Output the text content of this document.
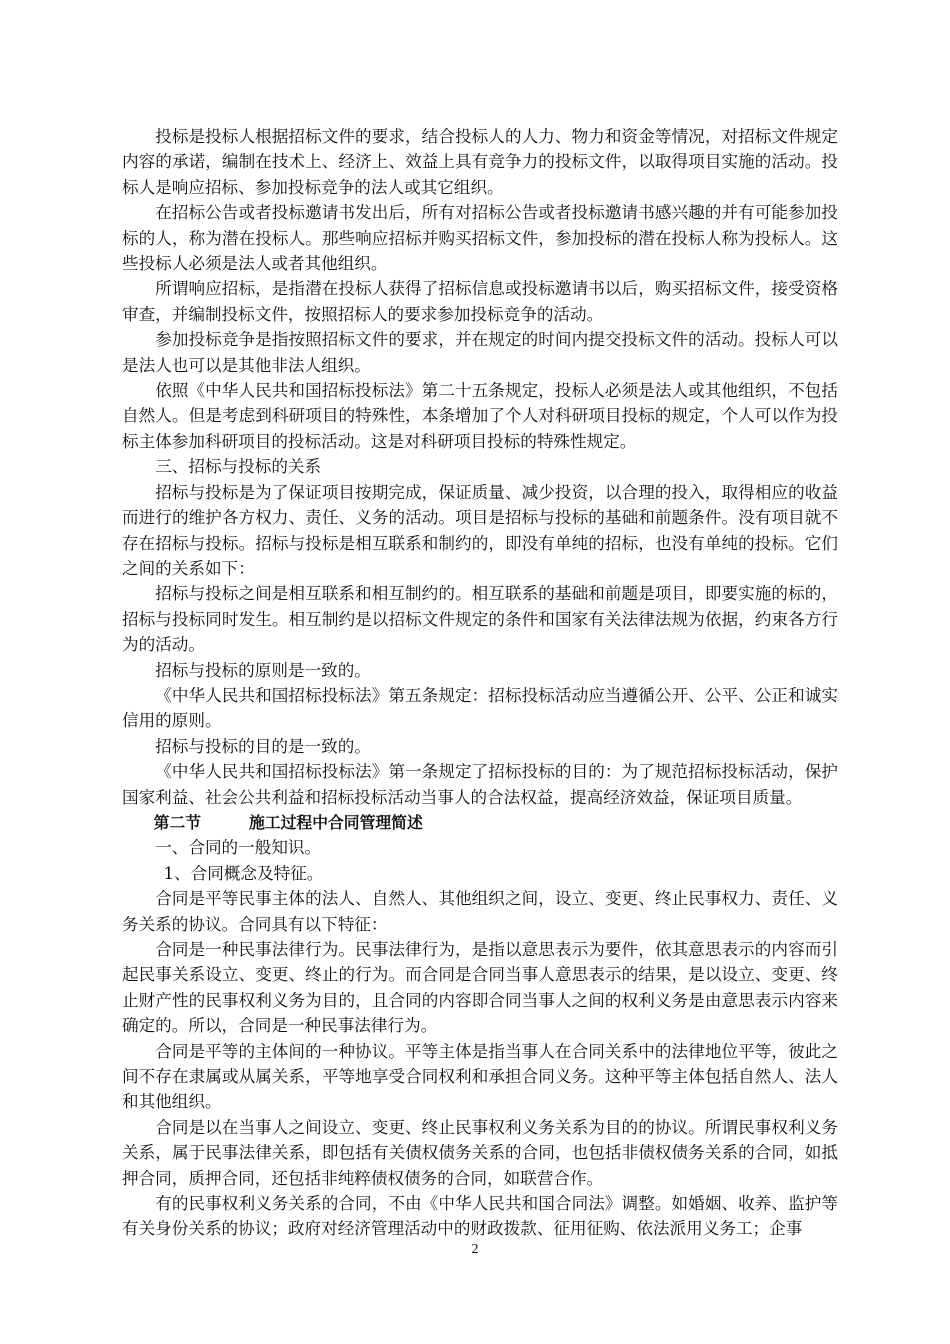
投标是投标人根据招标文件的要求，结合投标人的人力、物力和资金等情况，对招标文件规定内容的承诺，编制在技术上、经济上、效益上具有竞争力的投标文件，以取得项目实施的活动。投标人是响应招标、参加投标竞争的法人或其它组织。

在招标公告或者投标邀请书发出后，所有对招标公告或者投标邀请书感兴趣的并有可能参加投标的人，称为潜在投标人。那些响应招标并购买招标文件，参加投标的潜在投标人称为投标人。这些投标人必须是法人或者其他组织。

所谓响应招标，是指潜在投标人获得了招标信息或投标邀请书以后，购买招标文件，接受资格审查，并编制投标文件，按照招标人的要求参加投标竞争的活动。

参加投标竞争是指按照招标文件的要求，并在规定的时间内提交投标文件的活动。投标人可以是法人也可以是其他非法人组织。

依照《中华人民共和国招标投标法》第二十五条规定，投标人必须是法人或其他组织，不包括自然人。但是考虑到科研项目的特殊性，本条增加了个人对科研项目投标的规定，个人可以作为投标主体参加科研项目的投标活动。这是对科研项目投标的特殊性规定。

三、招标与投标的关系

招标与投标是为了保证项目按期完成，保证质量、减少投资，以合理的投入，取得相应的收益而进行的维护各方权力、责任、义务的活动。项目是招标与投标的基础和前题条件。没有项目就不存在招标与投标。招标与投标是相互联系和制约的，即没有单纯的招标，也没有单纯的投标。它们之间的关系如下：

招标与投标之间是相互联系和相互制约的。相互联系的基础和前题是项目，即要实施的标的，招标与投标同时发生。相互制约是以招标文件规定的条件和国家有关法律法规为依据，约束各方行为的活动。

招标与投标的原则是一致的。

《中华人民共和国招标投标法》第五条规定：招标投标活动应当遵循公开、公平、公正和诚实信用的原则。

招标与投标的目的是一致的。

《中华人民共和国招标投标法》第一条规定了招标投标的目的：为了规范招标投标活动，保护国家利益、社会公共利益和招标投标活动当事人的合法权益，提高经济效益，保证项目质量。

第二节	施工过程中合同管理简述

一、合同的一般知识。

1、合同概念及特征。

合同是平等民事主体的法人、自然人、其他组织之间，设立、变更、终止民事权力、责任、义务关系的协议。合同具有以下特征：

合同是一种民事法律行为。民事法律行为，是指以意思表示为要件，依其意思表示的内容而引起民事关系设立、变更、终止的行为。而合同是合同当事人意思表示的结果，是以设立、变更、终止财产性的民事权利义务为目的，且合同的内容即合同当事人之间的权利义务是由意思表示内容来确定的。所以，合同是一种民事法律行为。

合同是平等的主体间的一种协议。平等主体是指当事人在合同关系中的法律地位平等，彼此之间不存在隶属或从属关系，平等地享受合同权利和承担合同义务。这种平等主体包括自然人、法人和其他组织。

合同是以在当事人之间设立、变更、终止民事权利义务关系为目的的协议。所谓民事权利义务关系，属于民事法律关系，即包括有关债权债务关系的合同，也包括非债权债务关系的合同，如抵押合同，质押合同，还包括非纯粹债权债务的合同，如联营合作。

有的民事权利义务关系的合同，不由《中华人民共和国合同法》调整。如婚姻、收养、监护等有关身份关系的协议；政府对经济管理活动中的财政拨款、征用征购、依法派用义务工；企事

2
